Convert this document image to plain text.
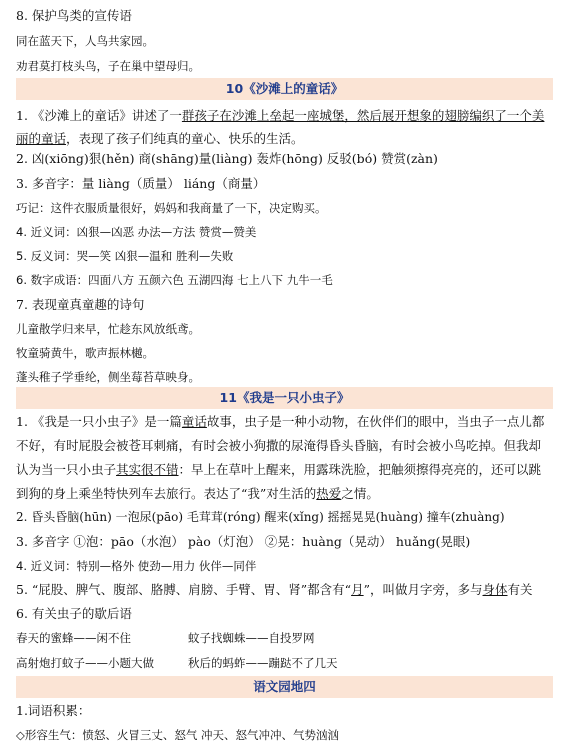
8. 保护鸟类的宣传语
同在蓝天下，人鸟共家园。
劝君莫打枝头鸟，子在巢中望母归。
10《沙滩上的童话》
1. 《沙滩上的童话》讲述了一群孩子在沙滩上垒起一座城堡，然后展开想象的翅膀编织了一个美丽的童话，表现了孩子们纯真的童心、快乐的生活。
2. 凶(xiōng)狠(hěn) 商(shāng)量(liàng) 轰炸(hōng) 反驳(bó) 赞赏(zàn)
3. 多音字：量 liàng（质量） liáng（商量）
巧记：这件衣服质量很好，妈妈和我商量了一下，决定购买。
4. 近义词：凶狠—凶恶 办法—方法 赞赏—赞美
5. 反义词：哭—笑 凶狠—温和 胜利—失败
6. 数字成语：四面八方 五颜六色 五湖四海 七上八下 九牛一毛
7. 表现童真童趣的诗句
儿童散学归来早，忙趁东风放纸鸢。
牧童骑黄牛，歌声振林樾。
蓬头稚子学垂纶，侧坐莓苔草映身。
11《我是一只小虫子》
1. 《我是一只小虫子》是一篇童话故事，虫子是一种小动物，在伙伴们的眼中，当虫子一点儿都不好，有时屁股会被苍耳刺痛，有时会被小狗撒的尿淹得昏头昏脑，有时会被小鸟吃掉。但我却认为当一只小虫子其实很不错：早上在草叶上醒来，用露珠洗脸，把触须擦得亮亮的，还可以跳到狗的身上乘坐特快列车去旅行。表达了“我”对生活的热爱之情。
2. 昏头昏脑(hūn) 一泡尿(pāo) 毛茸茸(róng) 醒来(xǐng) 摇摇晃晃(huàng) 撞车(zhuàng)
3. 多音字 ①泡：pāo（水泡） pào（灯泡） ②晃：huàng（晃动） huǎng(晃眼)
4. 近义词：特别—格外 使劲—用力 伙伴—同伴
5. “屁股、脾气、腹部、胳膊、肩膀、手臂、胃、肾”都含有“月”，叫做月字旁，多与身体有关
6. 有关虫子的歇后语
春天的蜜蜂——闲不住	蚊子找蜘蛛——自投罗网
高射炮打蚊子——小题大做	秋后的蚂蚱——蹦跶不了几天
语文园地四
1.词语积累：
◇形容生气：愤怒、火冒三丈、怒气 冲天、怒气冲冲、气势汹汹
